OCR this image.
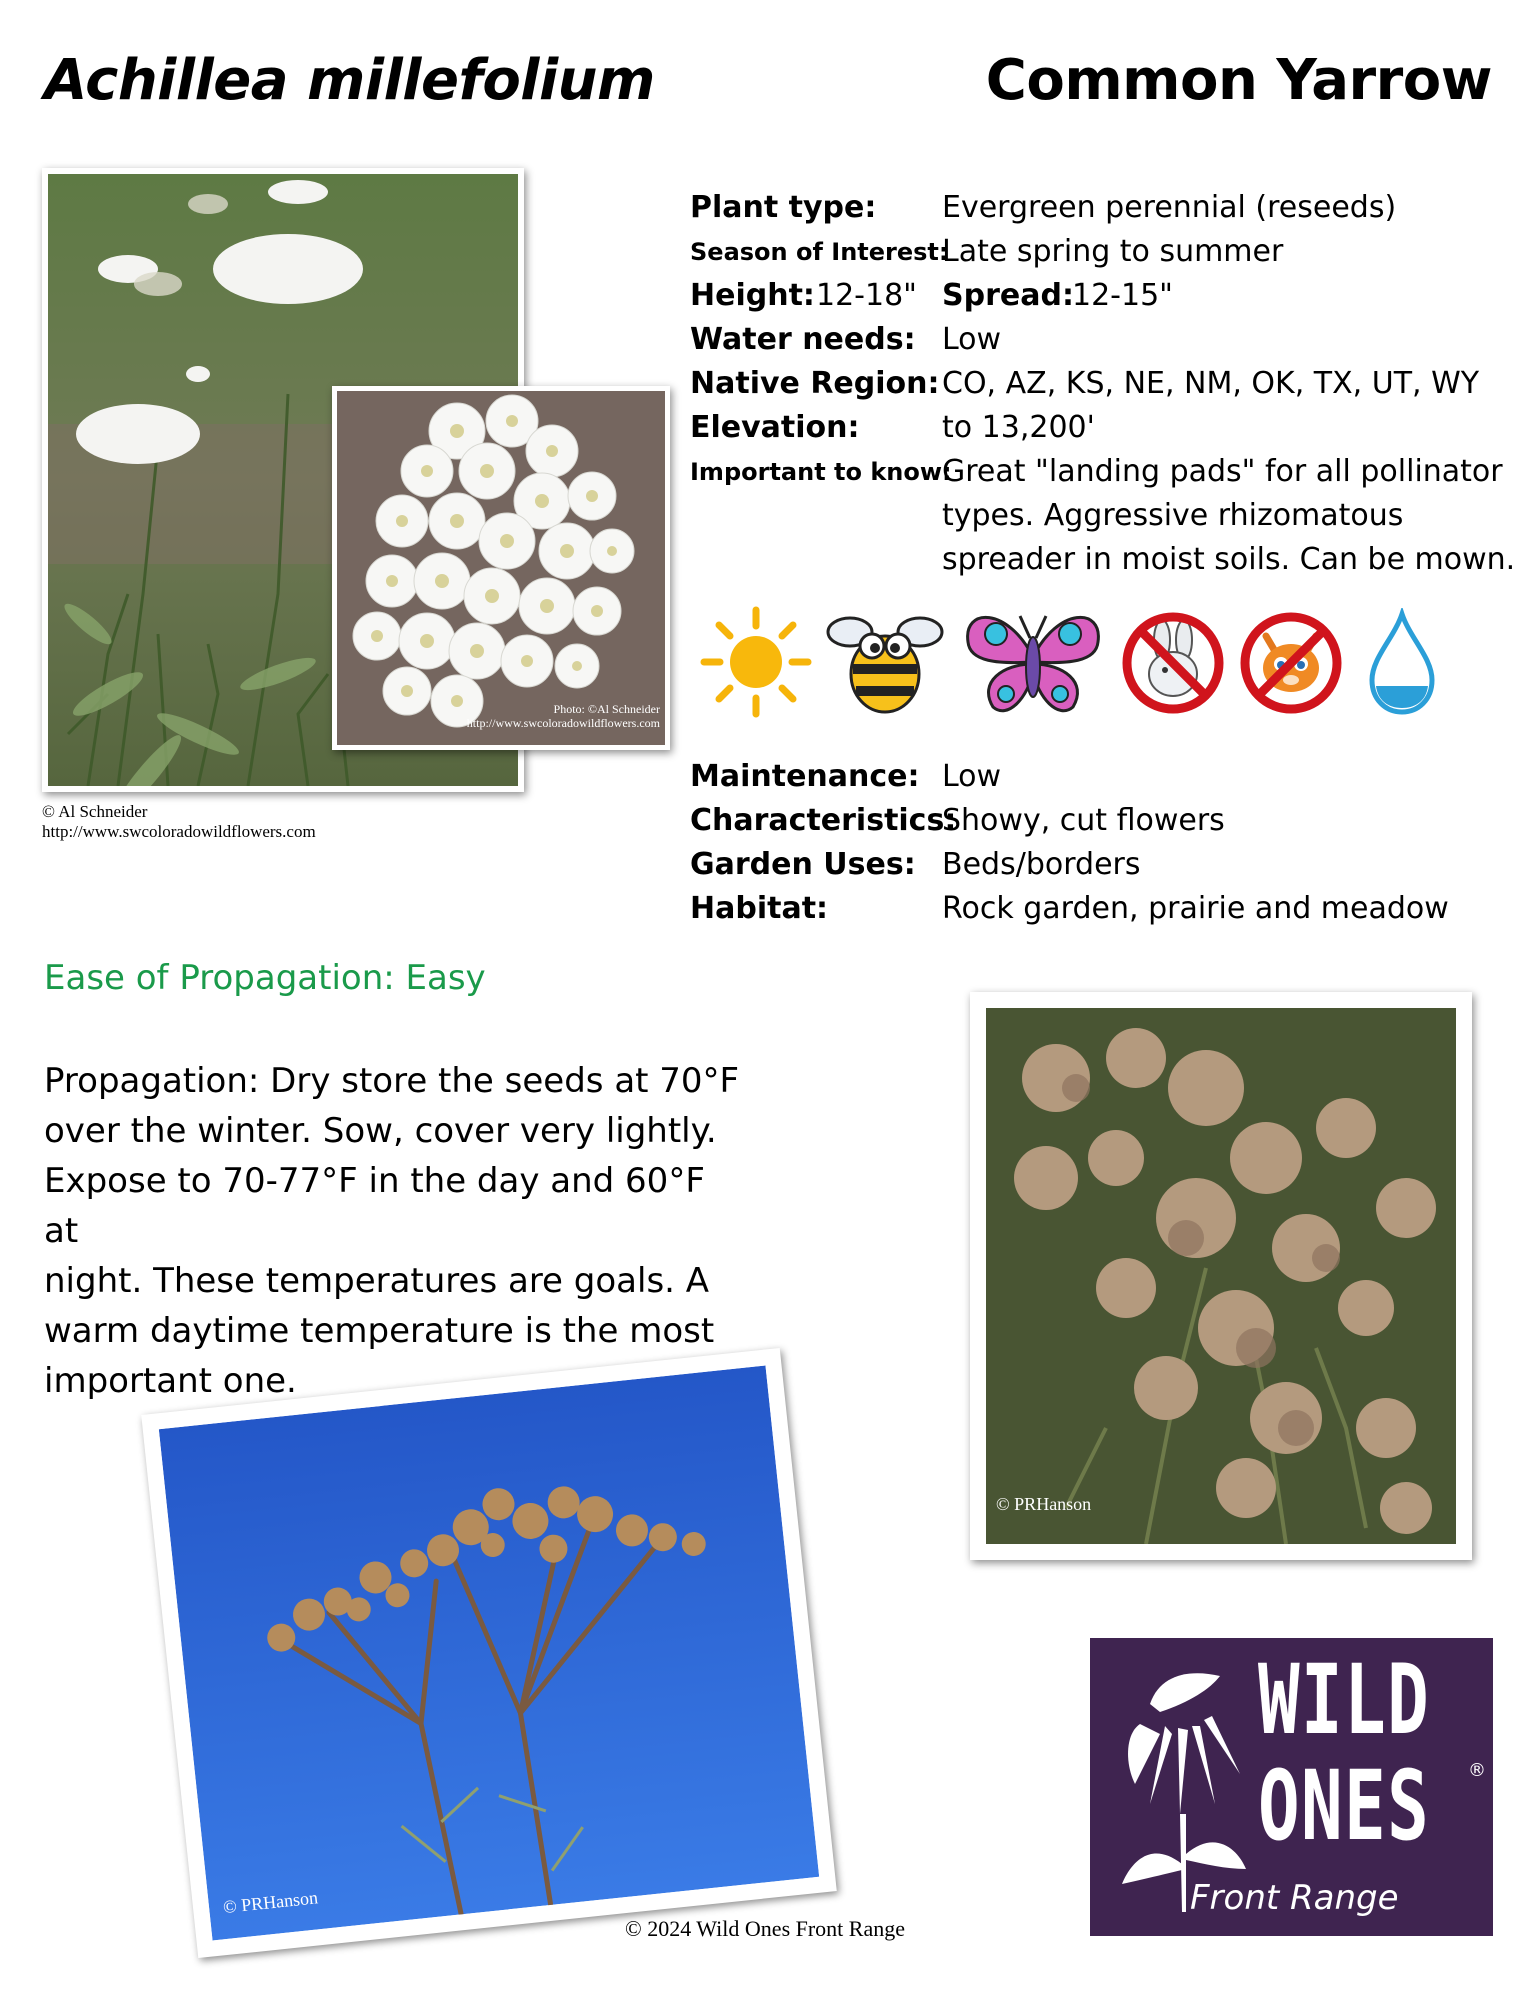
Achillea millefolium	Common Yarrow
Photo: ©Al Schneider
http://www.swcoloradowildflowers.com
© Al Schneider
http://www.swcoloradowildflowers.com
Plant type: Evergreen perennial (reseeds)
Season of Interest:
Late spring to summer
Height: 12-18" Spread:
12-15"
Water needs: Low
Native Region: CO, AZ, KS, NE, NM, OK, TX, UT, WY
Elevation:	to 13,200'
Important to know:
Great "landing pads" for all pollinator
types. Aggressive rhizomatous
spreader in moist soils. Can be mown.
Maintenance: Low
Characteristics:
Showy, cut flowers
Garden Uses: Beds/borders
Habitat:	Rock garden, prairie and meadow
Ease of Propagation: Easy
Propagation: Dry store the seeds at 70°F
over the winter. Sow, cover very lightly.
Expose to 70-77°F in the day and 60°F at
night. These temperatures are goals. A
warm daytime temperature is the most
important one.
© PRHanson
© PRHanson
WILD
ONES ®
Front Range
© 2024 Wild Ones Front Range
